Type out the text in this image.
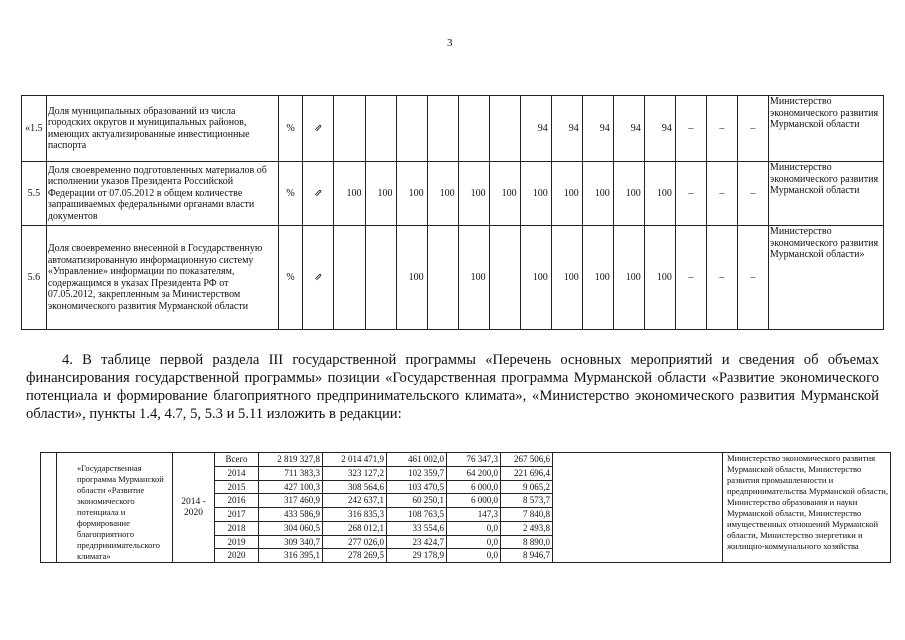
3
«1.5	Доля муниципальных образований из числа городских округов и муниципальных районов, имеющих актуализированные инвестиционные паспорта	%	⇗							94	94	94	94	94	–	–	–	Министерство экономического развития Мурманской области
5.5	Доля своевременно подготовленных материалов об исполнении указов Президента Российской Федерации от 07.05.2012 в общем количестве запрашиваемых федеральными органами власти документов	%	⇗	100	100	100	100	100	100	100	100	100	100	100	–	–	–	Министерство экономического развития Мурманской области
5.6	Доля своевременно внесенной в Государственную автоматизированную информационную систему «Управление» информации по показателям, содержащимся в указах Президента РФ от 07.05.2012, закрепленным за Министерством экономического развития Мурманской области	%	⇗			100		100		100	100	100	100	100	–	–	–	Министерство экономического развития Мурманской области»
4. В таблице первой раздела III государственной программы «Перечень основных мероприятий и сведения об объемах финансирования государственной программы» позиции «Государственная программа Мурманской области «Развитие экономического потенциала и формирование благоприятного предпринимательского климата», «Министерство экономического развития Мурманской области», пункты 1.4, 4.7, 5, 5.3 и 5.11 изложить в редакции:
	«Государственная программа Мурманской области «Развитие экономического потенциала и формирование благоприятного предпринимательского климата»	2014 - 2020	Всего	2 819 327,8	2 014 471,9	461 002,0	76 347,3	267 506,6		Министерство экономического развития Мурманской области, Министерство развития промышленности и предпринимательства Мурманской области, Министерство образования и науки Мурманской области, Министерство имущественных отношений Мурманской области, Министерство энергетики и жилищно-коммунального хозяйства
			2014	711 383,3	323 127,2	102 359,7	64 200,0	221 696,4		
			2015	427 100,3	308 564,6	103 470,5	6 000,0	9 065,2		
			2016	317 460,9	242 637,1	60 250,1	6 000,0	8 573,7		
			2017	433 586,9	316 835,3	108 763,5	147,3	7 840,8		
			2018	304 060,5	268 012,1	33 554,6	0,0	2 493,8		
			2019	309 340,7	277 026,0	23 424,7	0,0	8 890,0		
			2020	316 395,1	278 269,5	29 178,9	0,0	8 946,7		
